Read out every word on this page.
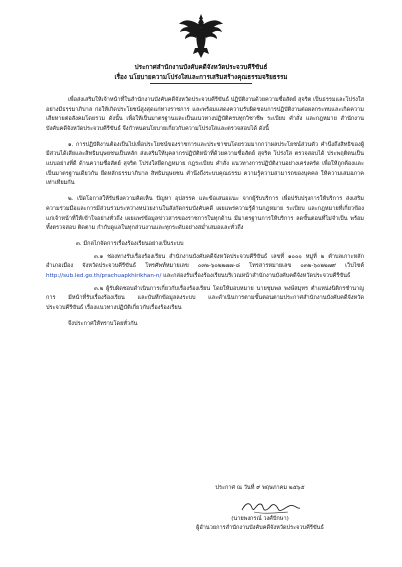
ประกาศสำนักงานบังคับคดีจังหวัดประจวบคีรีขันธ์
เรื่อง นโยบายความโปร่งใสและการเสริมสร้างคุณธรรมจริยธรรม

เพื่อส่งเสริมให้เจ้าหน้าที่ในสำนักงานบังคับคดีจังหวัดประจวบคีรีขันธ์ ปฏิบัติงานด้วยความซื่อสัตย์ สุจริต เป็นธรรมและโปร่งใส อย่างมีธรรมาภิบาล ก่อให้เกิดประโยชน์สูงสุดแก่ทางราชการ และพร้อมแสดงความรับผิดชอบการปฏิบัติงานต่อผลกระทบและเกิดความเสียหายต่อสังคมโดยรวม ดังนั้น เพื่อให้เป็นมาตรฐานและเป็นแนวทางปฏิบัติครบทุกวิชาชีพ ระเบียบ คำสั่ง และกฎหมาย สำนักงานบังคับคดีจังหวัดประจวบคีรีขันธ์ จึงกำหนดนโยบายเกี่ยวกับความโปร่งใสและตรวจสอบได้ ดังนี้

๑. การปฏิบัติงานต้องเป็นไปเพื่อประโยชน์ของราชการและประชาชนโดยรวมมากกว่าผลประโยชน์ส่วนตัว คำนึงถึงสิทธิของผู้มีส่วนได้เสียและสิทธิมนุษยชนเป็นหลัก ส่งเสริมให้บุคลากรปฏิบัติหน้าที่ด้วยความซื่อสัตย์ สุจริต โปร่งใส ตรวจสอบได้ ประพฤติตนเป็นแบบอย่างที่ดี ด้านความซื่อสัตย์ สุจริต โปร่งใสยึดกฎหมาย กฎระเบียบ คำสั่ง แนวทางการปฏิบัติงานอย่างเคร่งครัด เพื่อให้ถูกต้องและเป็นมาตรฐานเดียวกัน ยึดหลักธรรมาภิบาล สิทธิมนุษยชน คำนึงถึงระบบคุณธรรม ความรู้ความสามารถของบุคคล ให้ความเสมอภาคเท่าเทียมกัน

๒. เปิดโอกาสให้รับฟังความคิดเห็น ปัญหา อุปสรรค และข้อเสนอแนะ จากผู้รับบริการ เพื่อปรับปรุงการให้บริการ ส่งเสริมความร่วมมือและการมีส่วนร่วมระหว่างหน่วยงานในสังกัดกรมบังคับคดี เผยแพร่ความรู้ด้านกฎหมาย ระเบียบ และกฎหมายที่เกี่ยวข้องแก่เจ้าหน้าที่ให้เข้าใจอย่างทั่วถึง เผยแพร่ข้อมูลข่าวสารของราชการในทุกด้าน มีมาตรฐานการให้บริการ ลดขั้นตอนที่ไม่จำเป็น พร้อมทั้งตรวจสอบ ติดตาม กำกับดูแลในทุกส่วนงานและทุกระดับอย่างสม่ำเสมอและทั่วถึง

๓. มีกลไกจัดการเรื่องร้องเรียนอย่างเป็นระบบ

๓.๑ ช่องทางรับเรื่องร้องเรียน สำนักงานบังคับคดีจังหวัดประจวบคีรีขันธ์ เลขที่ ๑๐๐๐ หมู่ที่ ๒ ตำบลเกาะหลัก อำเภอเมือง จังหวัดประจวบคีรีขันธ์ โทรศัพท์หมายเลข ๐๓๒-๖๐๒๒๗๗-๘ โทรสารหมายเลข ๐๓๒-๖๐๒๒๗๙ เว็บไซต์ http://sub.led.go.th/prachuapkhirikhan-n/ และกล่องรับเรื่องร้องเรียนบริเวณหน้าสำนักงานบังคับคดีจังหวัดประจวบคีรีขันธ์

๓.๒ ผู้รับผิดชอบดำเนินการเกี่ยวกับเรื่องร้องเรียน โดยให้มอบหมาย นายชุมพล พงษ์สมุทร ตำแหน่งนิติกรชำนาญการ มีหน้าที่รับเรื่องร้องเรียน และบันทึกข้อมูลลงระบบ และดำเนินการตามขั้นตอนตามประกาศสำนักงานบังคับคดีจังหวัดประจวบคีรีขันธ์ เรื่องแนวทางปฏิบัติเกี่ยวกับเรื่องร้องเรียน

จึงประกาศให้ทราบโดยทั่วกัน

ประกาศ ณ วันที่ ๙ พฤษภาคม ๒๕๖๕
(นายพงกรณ์ วงศ์ปักษา)
ผู้อำนวยการสำนักงานบังคับคดีจังหวัดประจวบคีรีขันธ์
